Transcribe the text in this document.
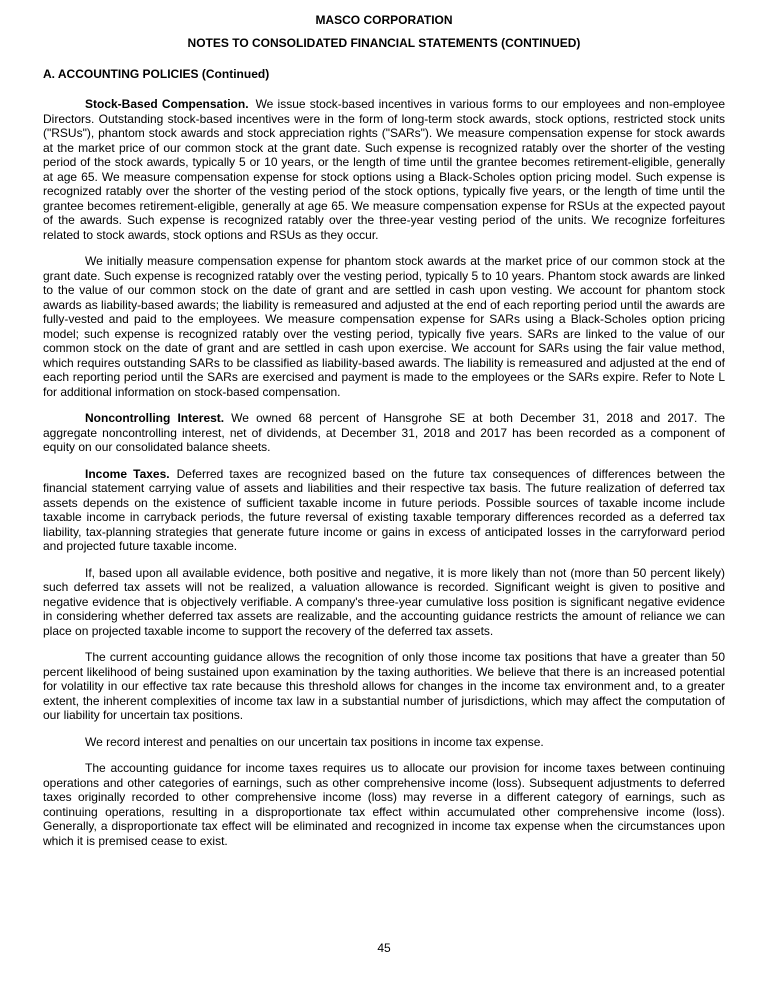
MASCO CORPORATION
NOTES TO CONSOLIDATED FINANCIAL STATEMENTS (CONTINUED)
A. ACCOUNTING POLICIES (Continued)

Stock-Based Compensation. We issue stock-based incentives in various forms to our employees and non-employee Directors. Outstanding stock-based incentives were in the form of long-term stock awards, stock options, restricted stock units ("RSUs"), phantom stock awards and stock appreciation rights ("SARs"). We measure compensation expense for stock awards at the market price of our common stock at the grant date. Such expense is recognized ratably over the shorter of the vesting period of the stock awards, typically 5 or 10 years, or the length of time until the grantee becomes retirement-eligible, generally at age 65. We measure compensation expense for stock options using a Black-Scholes option pricing model. Such expense is recognized ratably over the shorter of the vesting period of the stock options, typically five years, or the length of time until the grantee becomes retirement-eligible, generally at age 65. We measure compensation expense for RSUs at the expected payout of the awards. Such expense is recognized ratably over the three-year vesting period of the units. We recognize forfeitures related to stock awards, stock options and RSUs as they occur.

We initially measure compensation expense for phantom stock awards at the market price of our common stock at the grant date. Such expense is recognized ratably over the vesting period, typically 5 to 10 years. Phantom stock awards are linked to the value of our common stock on the date of grant and are settled in cash upon vesting. We account for phantom stock awards as liability-based awards; the liability is remeasured and adjusted at the end of each reporting period until the awards are fully-vested and paid to the employees. We measure compensation expense for SARs using a Black-Scholes option pricing model; such expense is recognized ratably over the vesting period, typically five years. SARs are linked to the value of our common stock on the date of grant and are settled in cash upon exercise. We account for SARs using the fair value method, which requires outstanding SARs to be classified as liability-based awards. The liability is remeasured and adjusted at the end of each reporting period until the SARs are exercised and payment is made to the employees or the SARs expire. Refer to Note L for additional information on stock-based compensation.

Noncontrolling Interest. We owned 68 percent of Hansgrohe SE at both December 31, 2018 and 2017. The aggregate noncontrolling interest, net of dividends, at December 31, 2018 and 2017 has been recorded as a component of equity on our consolidated balance sheets.

Income Taxes. Deferred taxes are recognized based on the future tax consequences of differences between the financial statement carrying value of assets and liabilities and their respective tax basis. The future realization of deferred tax assets depends on the existence of sufficient taxable income in future periods. Possible sources of taxable income include taxable income in carryback periods, the future reversal of existing taxable temporary differences recorded as a deferred tax liability, tax-planning strategies that generate future income or gains in excess of anticipated losses in the carryforward period and projected future taxable income.

If, based upon all available evidence, both positive and negative, it is more likely than not (more than 50 percent likely) such deferred tax assets will not be realized, a valuation allowance is recorded. Significant weight is given to positive and negative evidence that is objectively verifiable. A company's three-year cumulative loss position is significant negative evidence in considering whether deferred tax assets are realizable, and the accounting guidance restricts the amount of reliance we can place on projected taxable income to support the recovery of the deferred tax assets.

The current accounting guidance allows the recognition of only those income tax positions that have a greater than 50 percent likelihood of being sustained upon examination by the taxing authorities. We believe that there is an increased potential for volatility in our effective tax rate because this threshold allows for changes in the income tax environment and, to a greater extent, the inherent complexities of income tax law in a substantial number of jurisdictions, which may affect the computation of our liability for uncertain tax positions.

We record interest and penalties on our uncertain tax positions in income tax expense.

The accounting guidance for income taxes requires us to allocate our provision for income taxes between continuing operations and other categories of earnings, such as other comprehensive income (loss). Subsequent adjustments to deferred taxes originally recorded to other comprehensive income (loss) may reverse in a different category of earnings, such as continuing operations, resulting in a disproportionate tax effect within accumulated other comprehensive income (loss). Generally, a disproportionate tax effect will be eliminated and recognized in income tax expense when the circumstances upon which it is premised cease to exist.

45
